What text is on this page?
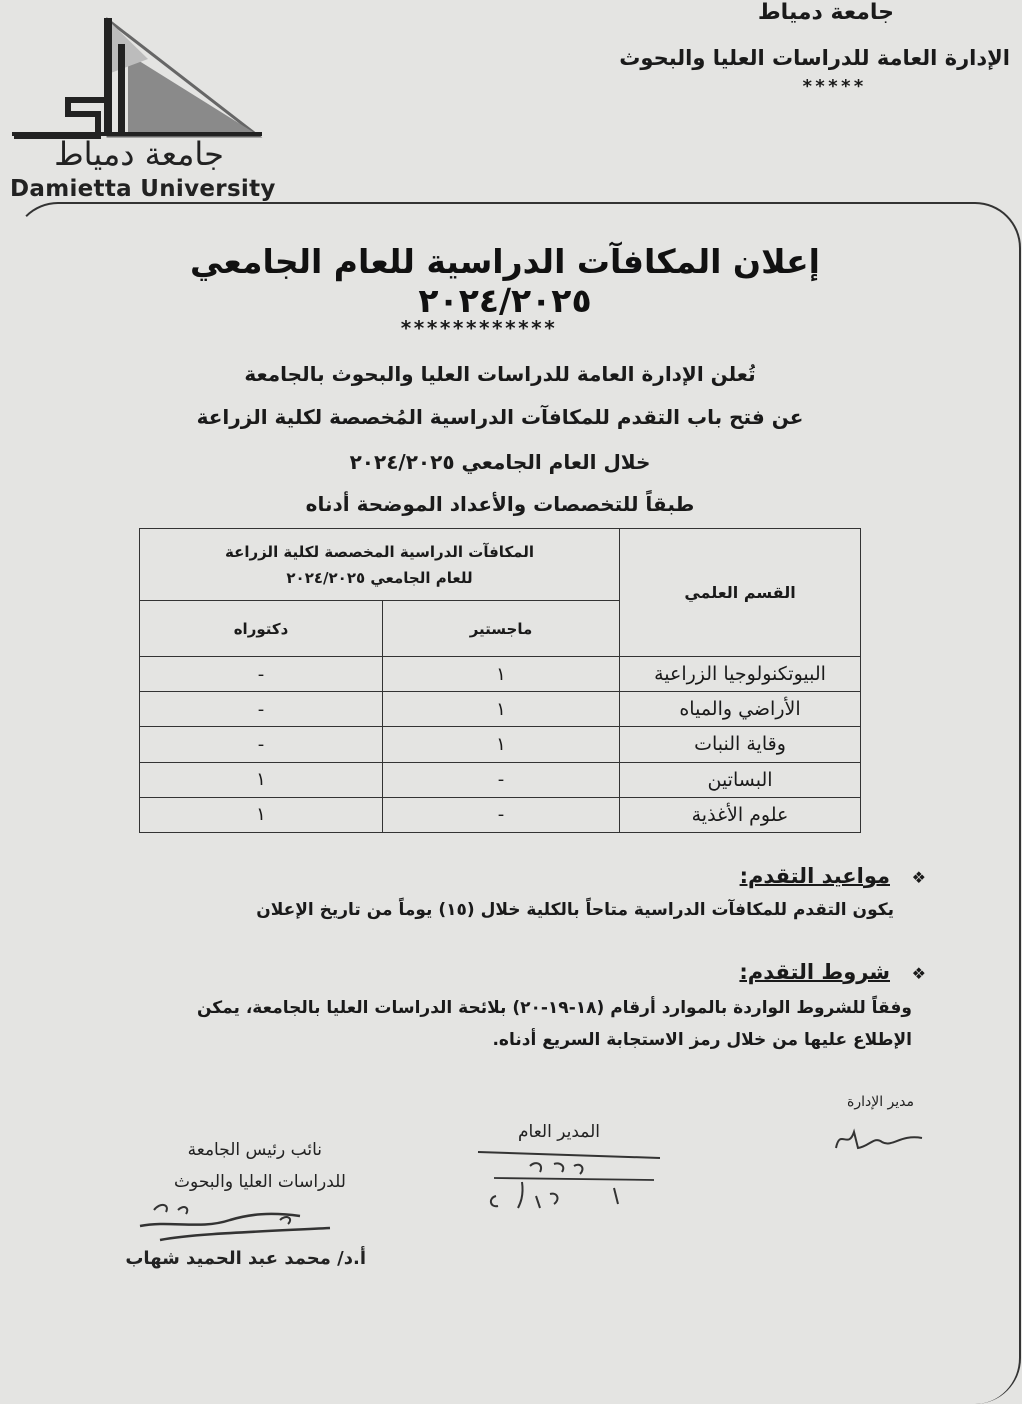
جامعة دمياط
Damietta University
جامعة دمياط
الإدارة العامة للدراسات العليا والبحوث
*****
إعلان المكافآت الدراسية للعام الجامعي ٢٠٢٤/٢٠٢٥
************
تُعلن الإدارة العامة للدراسات العليا والبحوث بالجامعة
عن فتح باب التقدم للمكافآت الدراسية المُخصصة لكلية الزراعة
خلال العام الجامعي ٢٠٢٤/٢٠٢٥
طبقاً للتخصصات والأعداد الموضحة أدناه
القسم العلمي	المكافآت الدراسية المخصصة لكلية الزراعة
للعام الجامعي ٢٠٢٤/٢٠٢٥	

	ماجستير	دكتوراه
البيوتكنولوجيا الزراعية	١	-
الأراضي والمياه	١	-
وقاية النبات	١	-
البساتين	-	١
علوم الأغذية	-	١
❖
مواعيد التقدم:
يكون التقدم للمكافآت الدراسية متاحاً بالكلية خلال (١٥) يوماً من تاريخ الإعلان
❖
شروط التقدم:
وفقاً للشروط الواردة بالموارد أرقام (١٨-١٩-٢٠) بلائحة الدراسات العليا بالجامعة، يمكن
الإطلاع عليها من خلال رمز الاستجابة السريع أدناه.
مدير الإدارة
المدير العام
نائب رئيس الجامعة
للدراسات العليا والبحوث
أ.د/ محمد عبد الحميد شهاب
